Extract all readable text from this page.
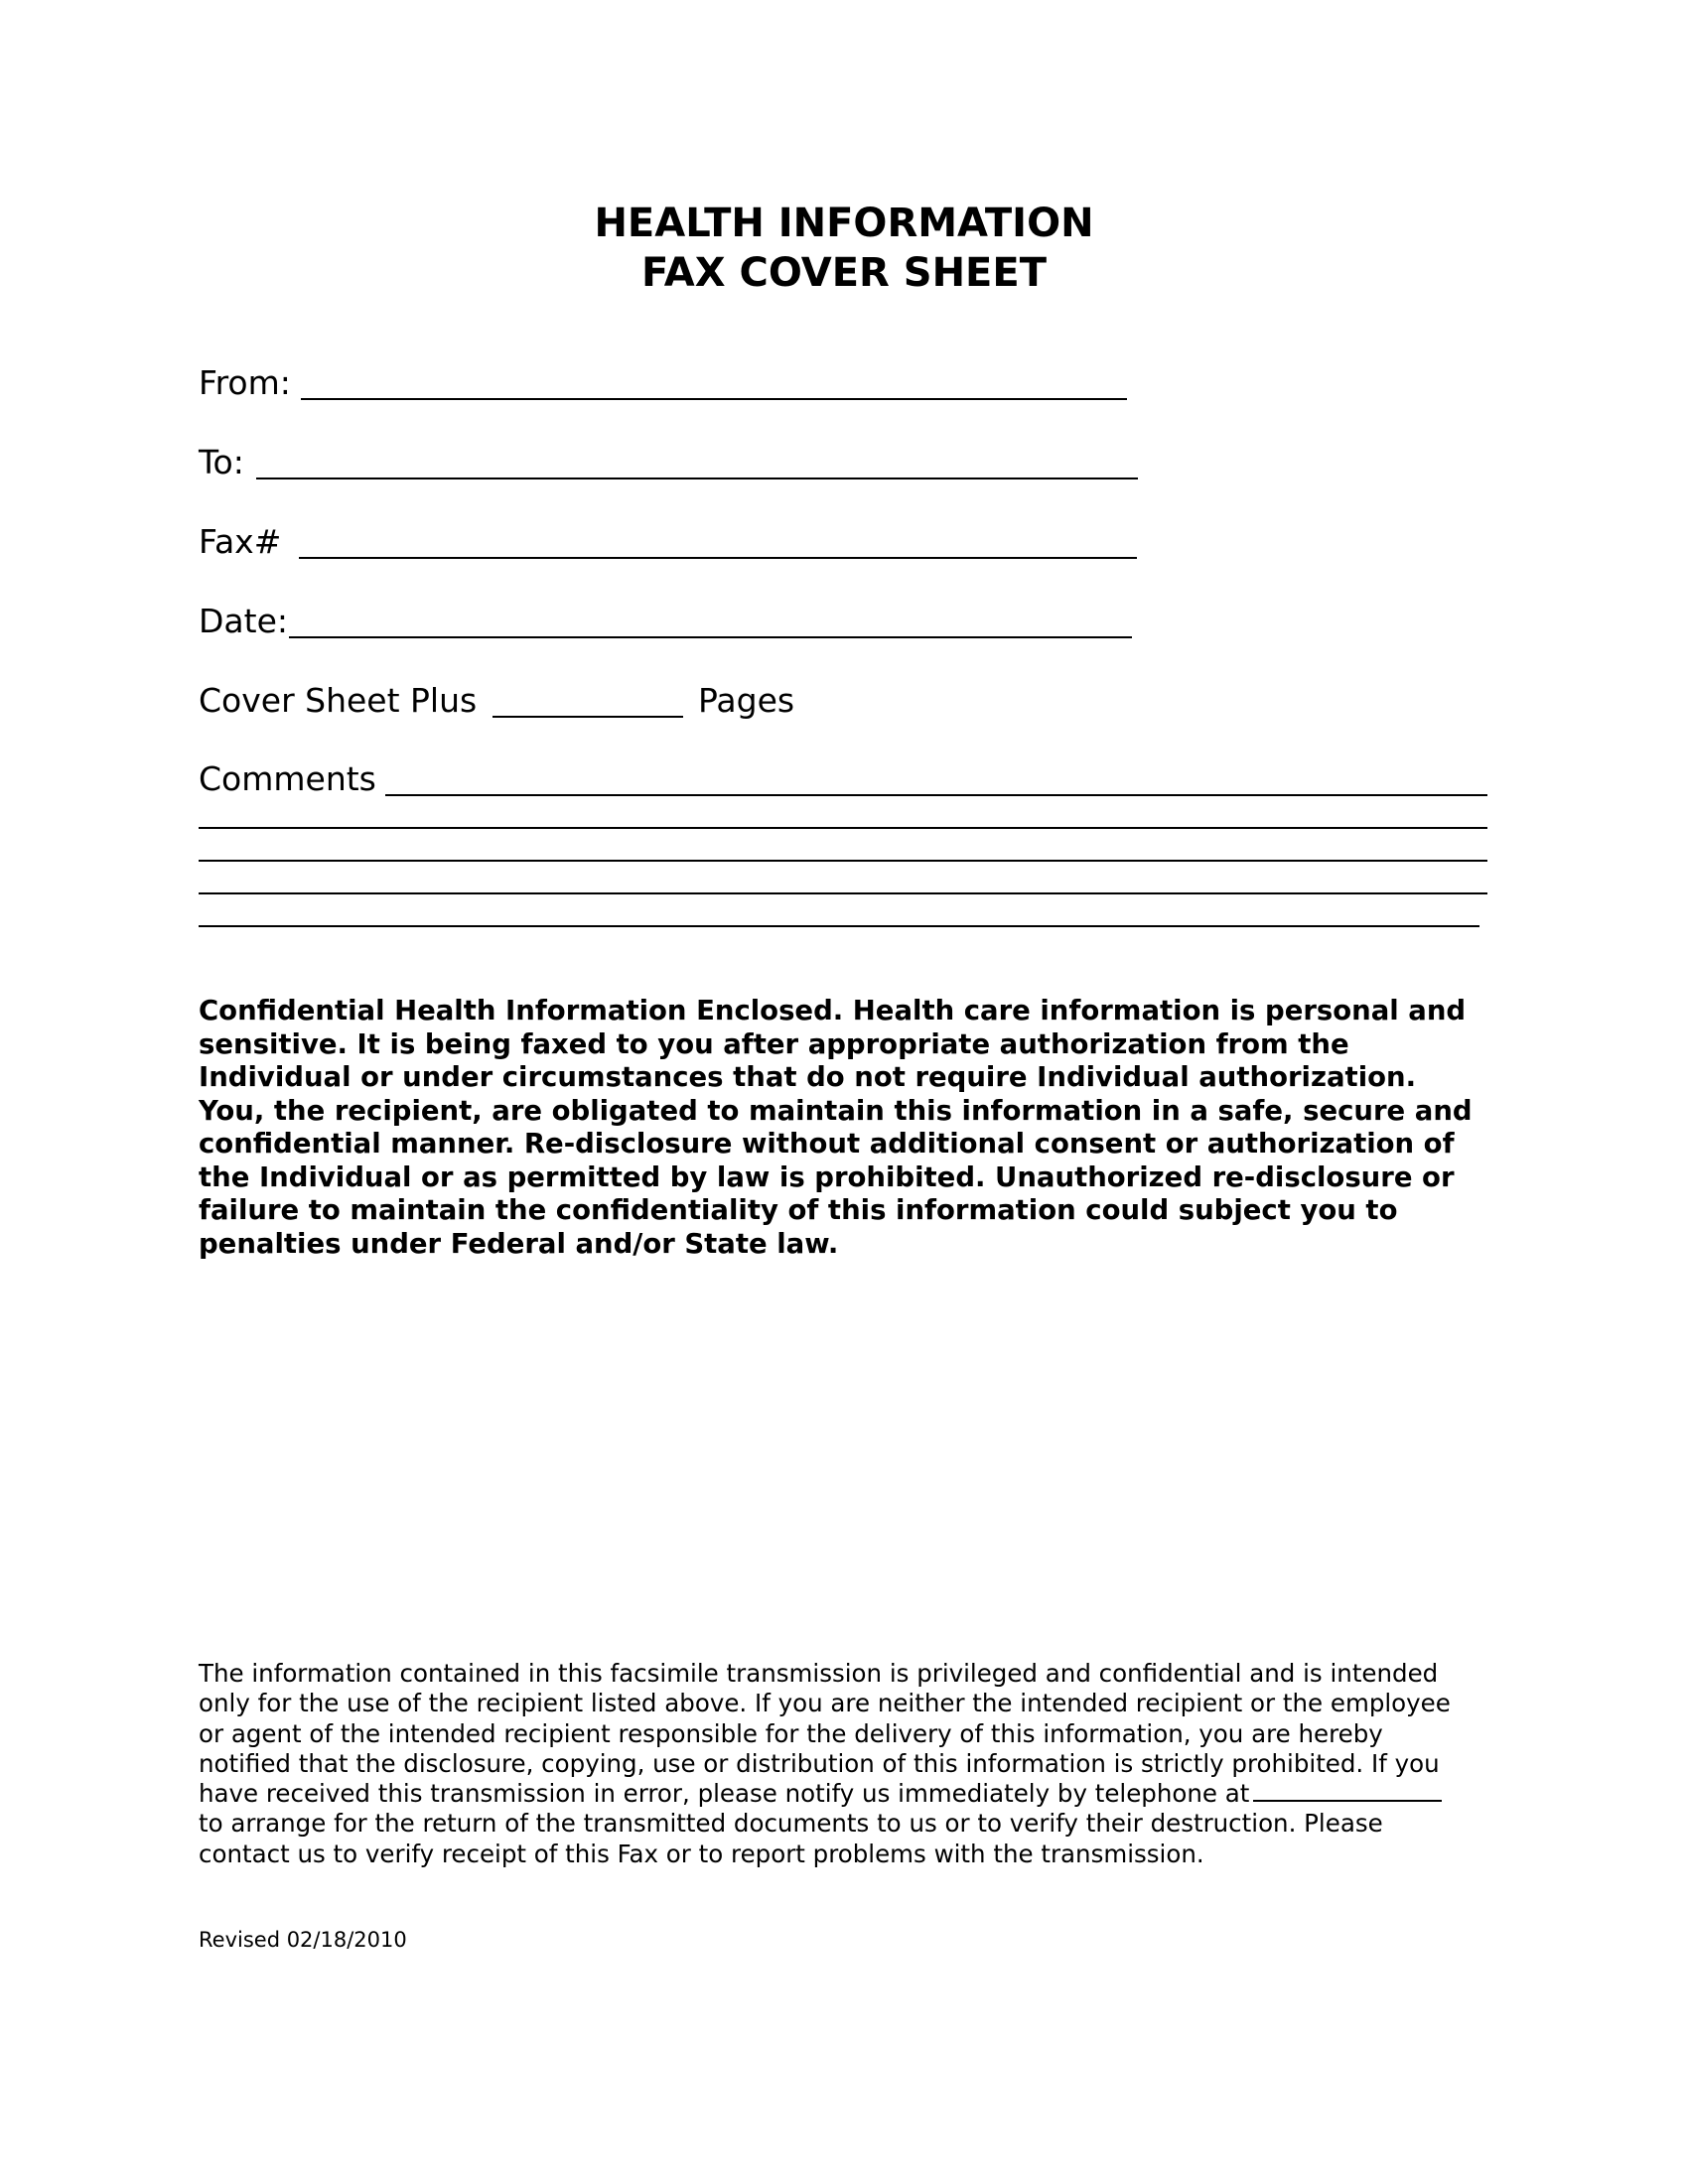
HEALTH INFORMATION
FAX COVER SHEET
From:
To:
Fax#
Date:
Cover Sheet Plus	Pages
Comments

Confidential Health Information Enclosed. Health care information is personal and
sensitive. It is being faxed to you after appropriate authorization from the
Individual or under circumstances that do not require Individual authorization.
You, the recipient, are obligated to maintain this information in a safe, secure and
confidential manner. Re-disclosure without additional consent or authorization of
the Individual or as permitted by law is prohibited. Unauthorized re-disclosure or
failure to maintain the confidentiality of this information could subject you to
penalties under Federal and/or State law.

The information contained in this facsimile transmission is privileged and confidential and is intended
only for the use of the recipient listed above. If you are neither the intended recipient or the employee
or agent of the intended recipient responsible for the delivery of this information, you are hereby
notified that the disclosure, copying, use or distribution of this information is strictly prohibited. If you
have received this transmission in error, please notify us immediately by telephone at
to arrange for the return of the transmitted documents to us or to verify their destruction. Please
contact us to verify receipt of this Fax or to report problems with the transmission.

Revised 02/18/2010
